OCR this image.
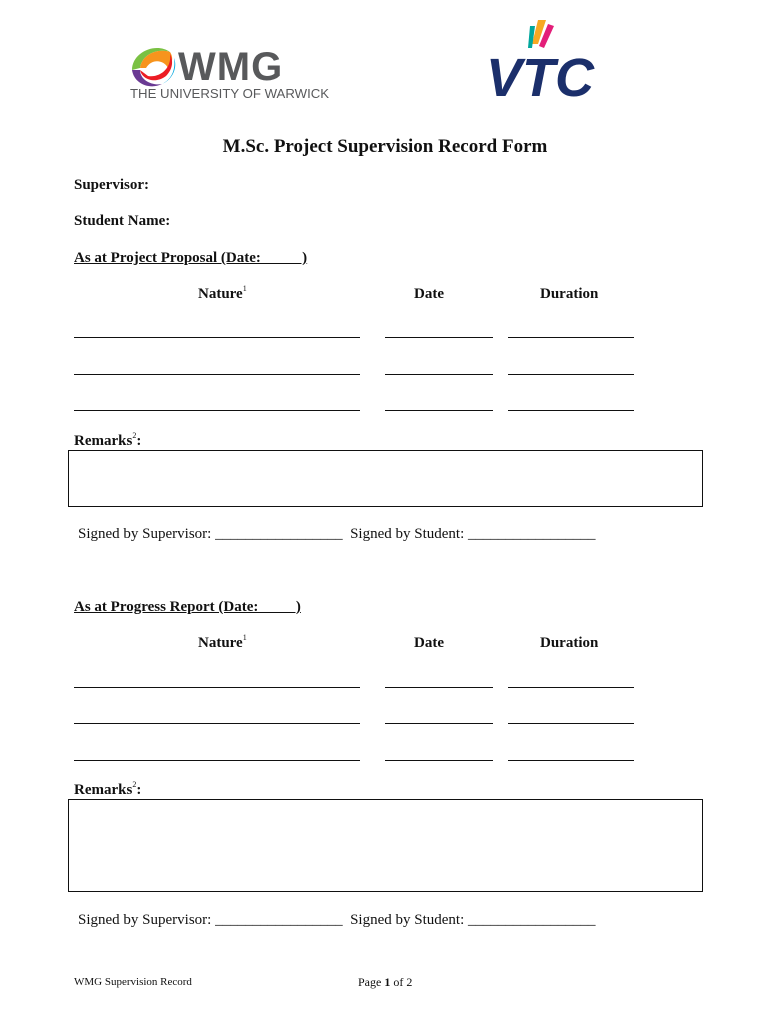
WMG
THE UNIVERSITY OF WARWICK	VTC
M.Sc. Project Supervision Record Form
Supervisor:
Student Name:
As at Project Proposal (Date:           )
Nature$^1$	Date	Duration
Remarks$^2$:
Signed by Supervisor: _________________  Signed by Student: _________________
As at Progress Report (Date:          )
Nature$^1$	Date	Duration
Remarks$^2$:
Signed by Supervisor: _________________  Signed by Student: _________________
WMG Supervision Record	Page 1 of 2
